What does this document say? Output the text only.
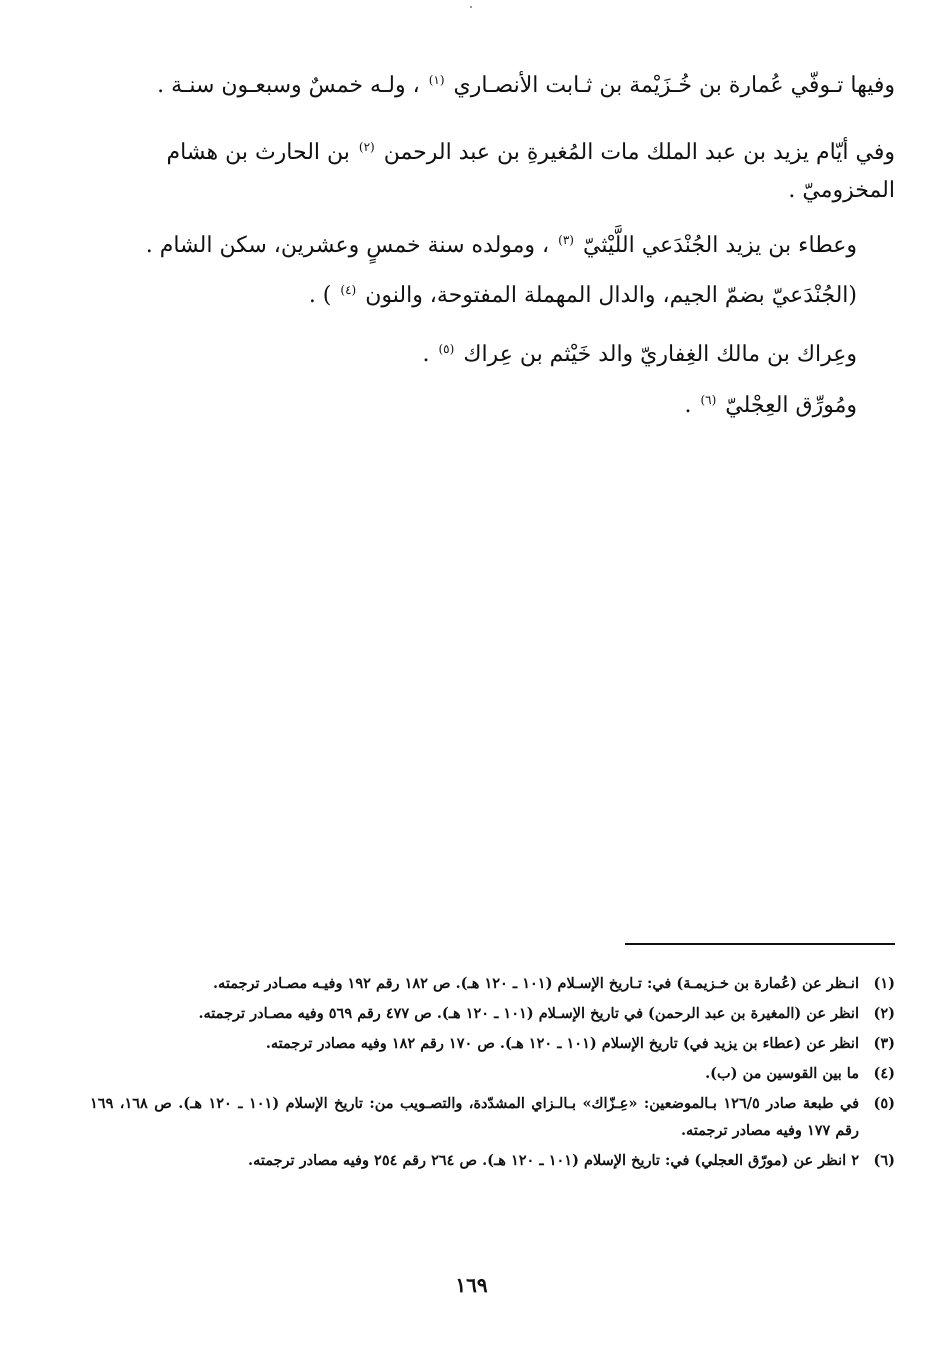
وفيها تـوفّي عُمارة بن خُـزَيْمة بن ثـابت الأنصـاري $^{(١)}$ ، ولـه خمسٌ وسبعـون سنـة .

وفي أيّام يزيد بن عبد الملك مات المُغيرةِ بن عبد الرحمن $^{(٢)}$ بن الحارث بن هشام المخزوميّ .

وعطاء بن يزيد الجُنْدَعي اللَّيْثيّ $^{(٣)}$ ، ومولده سنة خمسٍ وعشرين، سكن الشام .

(الجُنْدَعيّ بضمّ الجيم، والدال المهملة المفتوحة، والنون $^{(٤)}$ ) .

وعِراك بن مالك الغِفاريّ والد خَيْثم بن عِراك $^{(٥)}$ .

ومُورِّق العِجْليّ $^{(٦)}$ .

(١)
انـظر عن (عُمارة بن خـزيمـة) في: تـاريخ الإسـلام (١٠١ ـ ١٢٠ هـ). ص ١٨٢ رقم ١٩٢ وفيـه مصـادر ترجمته.
(٢)
انظر عن (المغيرة بن عبد الرحمن) في تاريخ الإسـلام (١٠١ ـ ١٢٠ هـ). ص ٤٧٧ رقم ٥٦٩ وفيه مصـادر ترجمته.
(٣)
انظر عن (عطاء بن يزيد في) تاريخ الإسلام (١٠١ ـ ١٢٠ هـ). ص ١٧٠ رقم ١٨٢ وفيه مصادر ترجمته.
(٤)
ما بين القوسين من (ب).
(٥)
في طبعة صادر ١٢٦/٥ بـالموضعين: «عِـزّاك» بـالـزاي المشدّدة، والتصـويب من: تاريخ الإسلام (١٠١ ـ ١٢٠ هـ). ص ١٦٨، ١٦٩ رقم ١٧٧ وفيه مصادر ترجمته.
(٦)
٢ انظر عن (مورّق العجلي) في: تاريخ الإسلام (١٠١ ـ ١٢٠ هـ). ص ٢٦٤ رقم ٢٥٤ وفيه مصادر ترجمته.
١٦٩
